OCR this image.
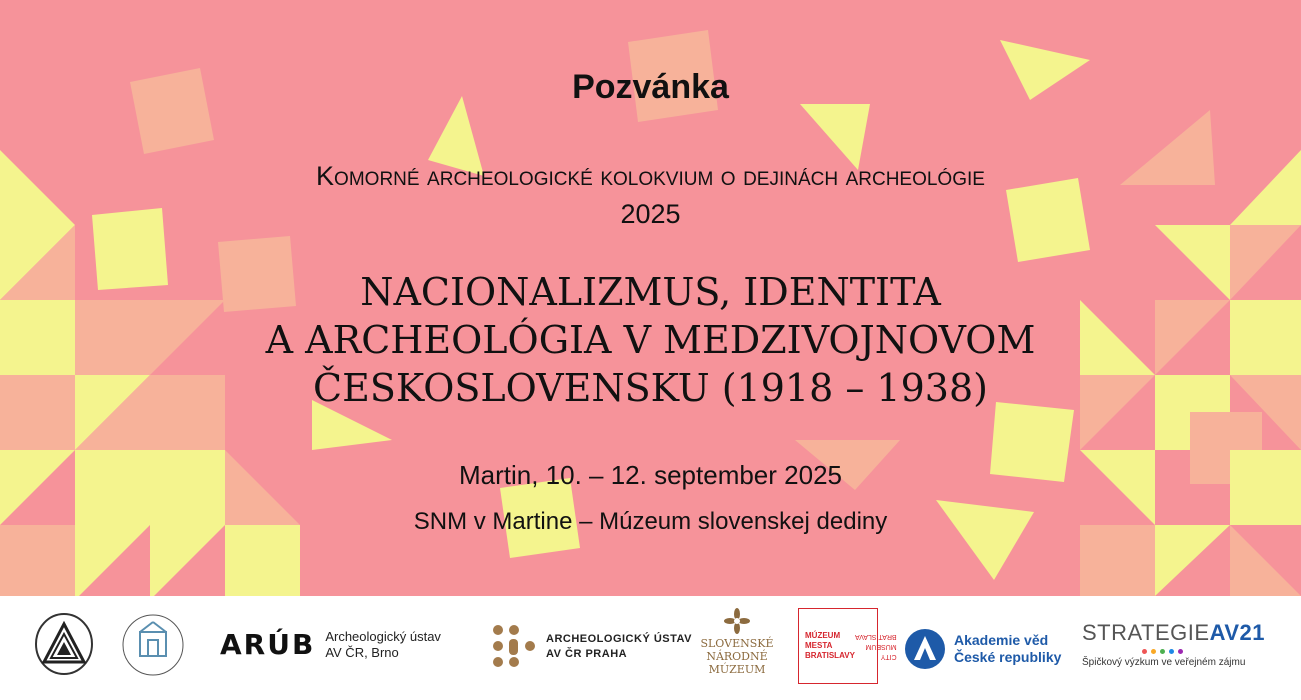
Pozvánka
Komorné archeologické kolokvium o dejinách archeológie
2025
NACIONALIZMUS, IDENTITA
A ARCHEOLÓGIA V MEDZIVOJNOVOM
ČESKOSLOVENSKU (1918 – 1938)
Martin, 10. – 12. september 2025
SNM v Martine – Múzeum slovenskej dediny
ARÚB Archeologický ústav
AV ČR, Brno
ARCHEOLOGICKÝ ÚSTAV
AV ČR PRAHA
SLOVENSKÉ
NÁRODNÉ
MÚZEUM
MÚZEUM
MESTA
BRATISLAVY	CITY
MUSEUM
BRATISLAVA	Akademie věd
České republiky
STRATEGIEAV21
Špičkový výzkum ve veřejném zájmu
